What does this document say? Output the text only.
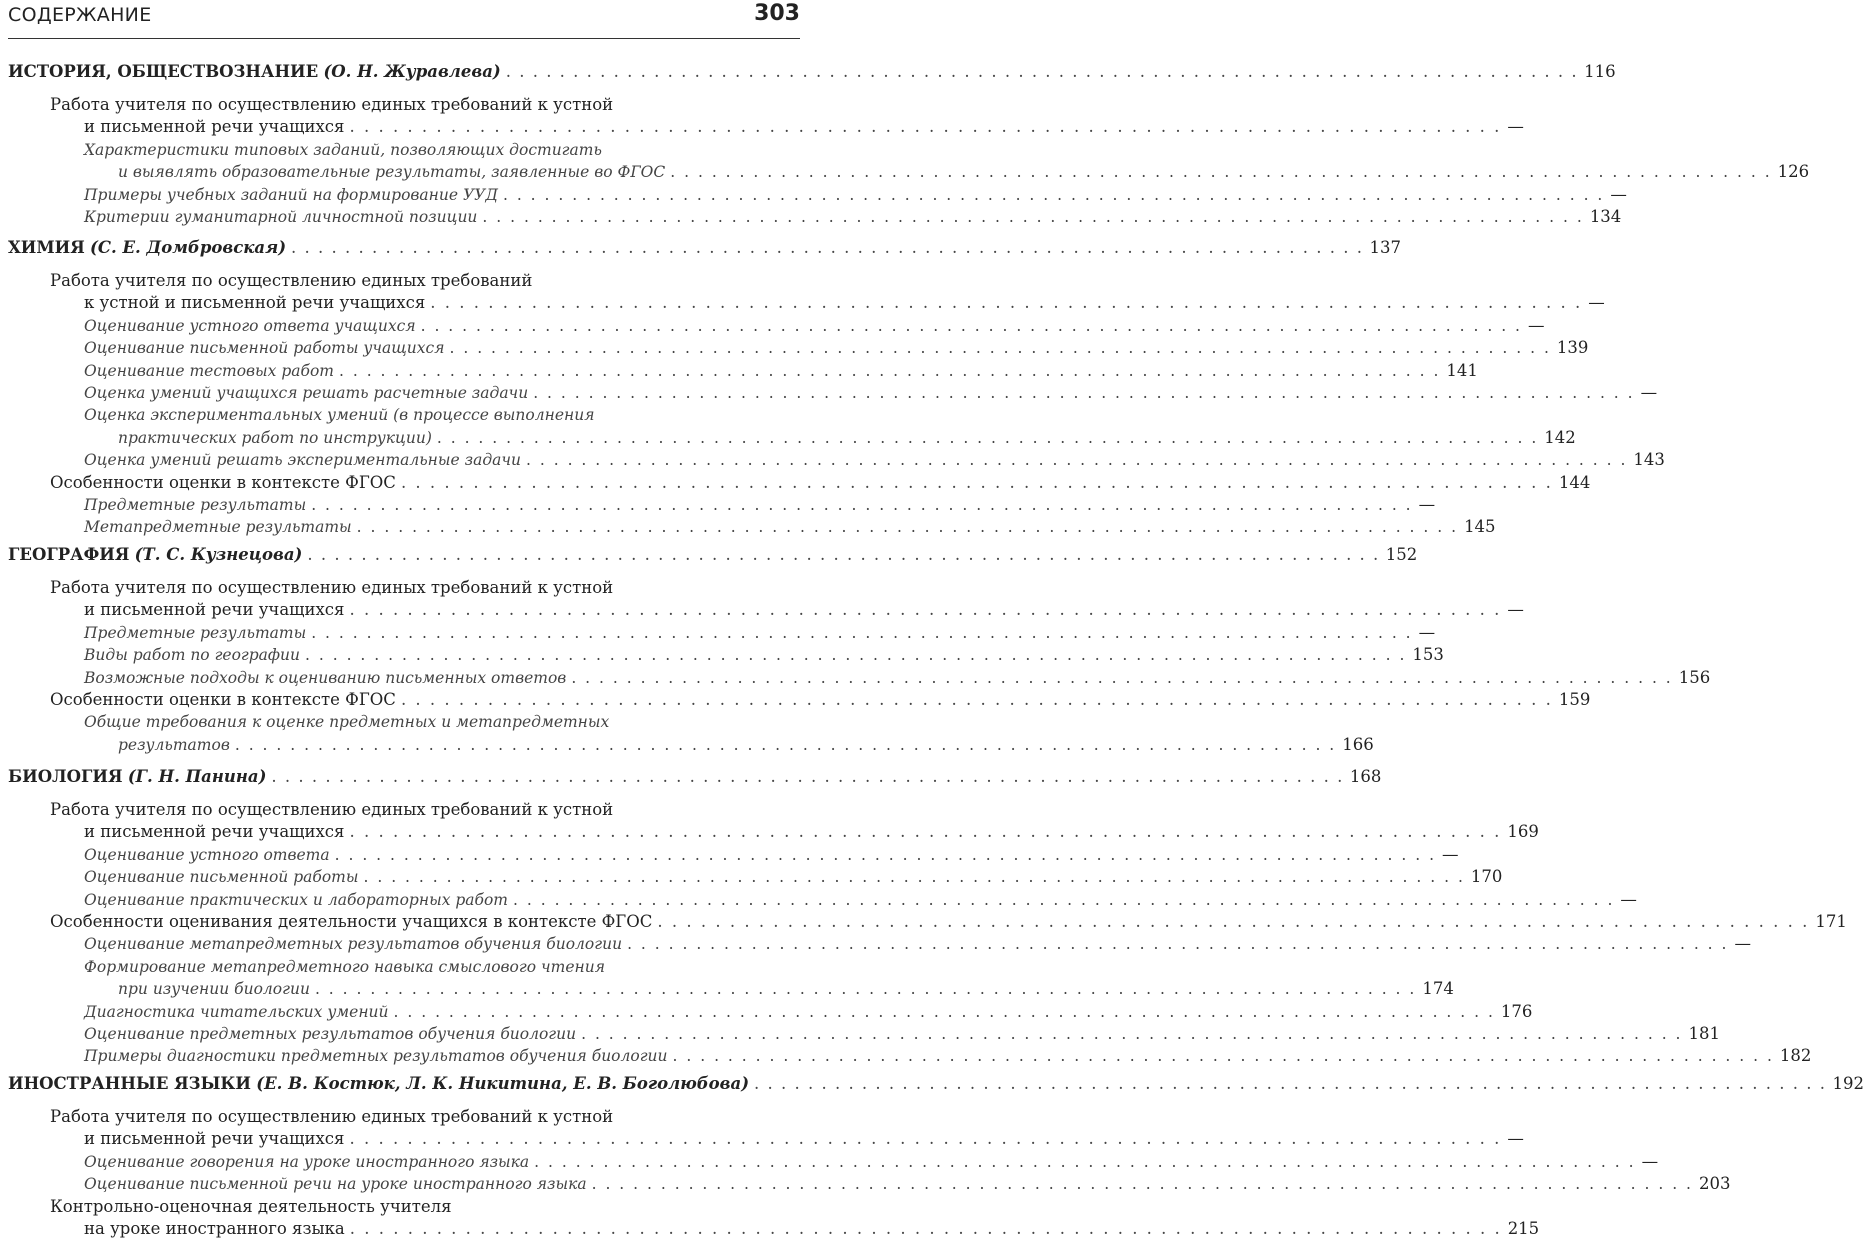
СОДЕРЖАНИЕ	303
ИСТОРИЯ, ОБЩЕСТВОЗНАНИЕ (О. Н. Журавлева) . . . . . . . . . . . . . . . . . . . . . . . . . . . . . . . . . . . . . . . . . . . . . . . . . . . . . . . . . . . . . . . . . . . . . . . . . . . . . . . . 116
Работа учителя по осуществлению единых требований к устной
и письменной речи учащихся . . . . . . . . . . . . . . . . . . . . . . . . . . . . . . . . . . . . . . . . . . . . . . . . . . . . . . . . . . . . . . . . . . . . . . . . . . . . . . . . —
Характеристики типовых заданий, позволяющих достигать
и выявлять образовательные результаты, заявленные во ФГОС . . . . . . . . . . . . . . . . . . . . . . . . . . . . . . . . . . . . . . . . . . . . . . . . . . . . . . . . . . . . . . . . . . . . . . . . . . . . . . . . 126
Примеры учебных заданий на формирование УУД . . . . . . . . . . . . . . . . . . . . . . . . . . . . . . . . . . . . . . . . . . . . . . . . . . . . . . . . . . . . . . . . . . . . . . . . . . . . . . . . —
Критерии гуманитарной личностной позиции . . . . . . . . . . . . . . . . . . . . . . . . . . . . . . . . . . . . . . . . . . . . . . . . . . . . . . . . . . . . . . . . . . . . . . . . . . . . . . . . 134
ХИМИЯ (С. Е. Домбровская) . . . . . . . . . . . . . . . . . . . . . . . . . . . . . . . . . . . . . . . . . . . . . . . . . . . . . . . . . . . . . . . . . . . . . . . . . . . . . . . . 137
Работа учителя по осуществлению единых требований
к устной и письменной речи учащихся . . . . . . . . . . . . . . . . . . . . . . . . . . . . . . . . . . . . . . . . . . . . . . . . . . . . . . . . . . . . . . . . . . . . . . . . . . . . . . . . —
Оценивание устного ответа учащихся . . . . . . . . . . . . . . . . . . . . . . . . . . . . . . . . . . . . . . . . . . . . . . . . . . . . . . . . . . . . . . . . . . . . . . . . . . . . . . . . —
Оценивание письменной работы учащихся . . . . . . . . . . . . . . . . . . . . . . . . . . . . . . . . . . . . . . . . . . . . . . . . . . . . . . . . . . . . . . . . . . . . . . . . . . . . . . . . 139
Оценивание тестовых работ . . . . . . . . . . . . . . . . . . . . . . . . . . . . . . . . . . . . . . . . . . . . . . . . . . . . . . . . . . . . . . . . . . . . . . . . . . . . . . . . 141
Оценка умений учащихся решать расчетные задачи . . . . . . . . . . . . . . . . . . . . . . . . . . . . . . . . . . . . . . . . . . . . . . . . . . . . . . . . . . . . . . . . . . . . . . . . . . . . . . . . —
Оценка экспериментальных умений (в процессе выполнения
практических работ по инструкции) . . . . . . . . . . . . . . . . . . . . . . . . . . . . . . . . . . . . . . . . . . . . . . . . . . . . . . . . . . . . . . . . . . . . . . . . . . . . . . . . 142
Оценка умений решать экспериментальные задачи . . . . . . . . . . . . . . . . . . . . . . . . . . . . . . . . . . . . . . . . . . . . . . . . . . . . . . . . . . . . . . . . . . . . . . . . . . . . . . . . 143
Особенности оценки в контексте ФГОС . . . . . . . . . . . . . . . . . . . . . . . . . . . . . . . . . . . . . . . . . . . . . . . . . . . . . . . . . . . . . . . . . . . . . . . . . . . . . . . . 144
Предметные результаты . . . . . . . . . . . . . . . . . . . . . . . . . . . . . . . . . . . . . . . . . . . . . . . . . . . . . . . . . . . . . . . . . . . . . . . . . . . . . . . . —
Метапредметные результаты . . . . . . . . . . . . . . . . . . . . . . . . . . . . . . . . . . . . . . . . . . . . . . . . . . . . . . . . . . . . . . . . . . . . . . . . . . . . . . . . 145
ГЕОГРАФИЯ (Т. С. Кузнецова) . . . . . . . . . . . . . . . . . . . . . . . . . . . . . . . . . . . . . . . . . . . . . . . . . . . . . . . . . . . . . . . . . . . . . . . . . . . . . . . . 152
Работа учителя по осуществлению единых требований к устной
и письменной речи учащихся . . . . . . . . . . . . . . . . . . . . . . . . . . . . . . . . . . . . . . . . . . . . . . . . . . . . . . . . . . . . . . . . . . . . . . . . . . . . . . . . —
Предметные результаты . . . . . . . . . . . . . . . . . . . . . . . . . . . . . . . . . . . . . . . . . . . . . . . . . . . . . . . . . . . . . . . . . . . . . . . . . . . . . . . . —
Виды работ по географии . . . . . . . . . . . . . . . . . . . . . . . . . . . . . . . . . . . . . . . . . . . . . . . . . . . . . . . . . . . . . . . . . . . . . . . . . . . . . . . . 153
Возможные подходы к оцениванию письменных ответов . . . . . . . . . . . . . . . . . . . . . . . . . . . . . . . . . . . . . . . . . . . . . . . . . . . . . . . . . . . . . . . . . . . . . . . . . . . . . . . . 156
Особенности оценки в контексте ФГОС . . . . . . . . . . . . . . . . . . . . . . . . . . . . . . . . . . . . . . . . . . . . . . . . . . . . . . . . . . . . . . . . . . . . . . . . . . . . . . . . 159
Общие требования к оценке предметных и метапредметных
результатов . . . . . . . . . . . . . . . . . . . . . . . . . . . . . . . . . . . . . . . . . . . . . . . . . . . . . . . . . . . . . . . . . . . . . . . . . . . . . . . . 166
БИОЛОГИЯ (Г. Н. Панина) . . . . . . . . . . . . . . . . . . . . . . . . . . . . . . . . . . . . . . . . . . . . . . . . . . . . . . . . . . . . . . . . . . . . . . . . . . . . . . . . 168
Работа учителя по осуществлению единых требований к устной
и письменной речи учащихся . . . . . . . . . . . . . . . . . . . . . . . . . . . . . . . . . . . . . . . . . . . . . . . . . . . . . . . . . . . . . . . . . . . . . . . . . . . . . . . . 169
Оценивание устного ответа . . . . . . . . . . . . . . . . . . . . . . . . . . . . . . . . . . . . . . . . . . . . . . . . . . . . . . . . . . . . . . . . . . . . . . . . . . . . . . . . —
Оценивание письменной работы . . . . . . . . . . . . . . . . . . . . . . . . . . . . . . . . . . . . . . . . . . . . . . . . . . . . . . . . . . . . . . . . . . . . . . . . . . . . . . . . 170
Оценивание практических и лабораторных работ . . . . . . . . . . . . . . . . . . . . . . . . . . . . . . . . . . . . . . . . . . . . . . . . . . . . . . . . . . . . . . . . . . . . . . . . . . . . . . . . —
Особенности оценивания деятельности учащихся в контексте ФГОС . . . . . . . . . . . . . . . . . . . . . . . . . . . . . . . . . . . . . . . . . . . . . . . . . . . . . . . . . . . . . . . . . . . . . . . . . . . . . . . . 171
Оценивание метапредметных результатов обучения биологии . . . . . . . . . . . . . . . . . . . . . . . . . . . . . . . . . . . . . . . . . . . . . . . . . . . . . . . . . . . . . . . . . . . . . . . . . . . . . . . . —
Формирование метапредметного навыка смыслового чтения
при изучении биологии . . . . . . . . . . . . . . . . . . . . . . . . . . . . . . . . . . . . . . . . . . . . . . . . . . . . . . . . . . . . . . . . . . . . . . . . . . . . . . . . 174
Диагностика читательских умений . . . . . . . . . . . . . . . . . . . . . . . . . . . . . . . . . . . . . . . . . . . . . . . . . . . . . . . . . . . . . . . . . . . . . . . . . . . . . . . . 176
Оценивание предметных результатов обучения биологии . . . . . . . . . . . . . . . . . . . . . . . . . . . . . . . . . . . . . . . . . . . . . . . . . . . . . . . . . . . . . . . . . . . . . . . . . . . . . . . . 181
Примеры диагностики предметных результатов обучения биологии . . . . . . . . . . . . . . . . . . . . . . . . . . . . . . . . . . . . . . . . . . . . . . . . . . . . . . . . . . . . . . . . . . . . . . . . . . . . . . . . 182
ИНОСТРАННЫЕ ЯЗЫКИ (Е. В. Костюк, Л. К. Никитина, Е. В. Боголюбова) . . . . . . . . . . . . . . . . . . . . . . . . . . . . . . . . . . . . . . . . . . . . . . . . . . . . . . . . . . . . . . . . . . . . . . . . . . . . . . . . 192
Работа учителя по осуществлению единых требований к устной
и письменной речи учащихся . . . . . . . . . . . . . . . . . . . . . . . . . . . . . . . . . . . . . . . . . . . . . . . . . . . . . . . . . . . . . . . . . . . . . . . . . . . . . . . . —
Оценивание говорения на уроке иностранного языка . . . . . . . . . . . . . . . . . . . . . . . . . . . . . . . . . . . . . . . . . . . . . . . . . . . . . . . . . . . . . . . . . . . . . . . . . . . . . . . . —
Оценивание письменной речи на уроке иностранного языка . . . . . . . . . . . . . . . . . . . . . . . . . . . . . . . . . . . . . . . . . . . . . . . . . . . . . . . . . . . . . . . . . . . . . . . . . . . . . . . . 203
Контрольно-оценочная деятельность учителя
на уроке иностранного языка . . . . . . . . . . . . . . . . . . . . . . . . . . . . . . . . . . . . . . . . . . . . . . . . . . . . . . . . . . . . . . . . . . . . . . . . . . . . . . . . 215
